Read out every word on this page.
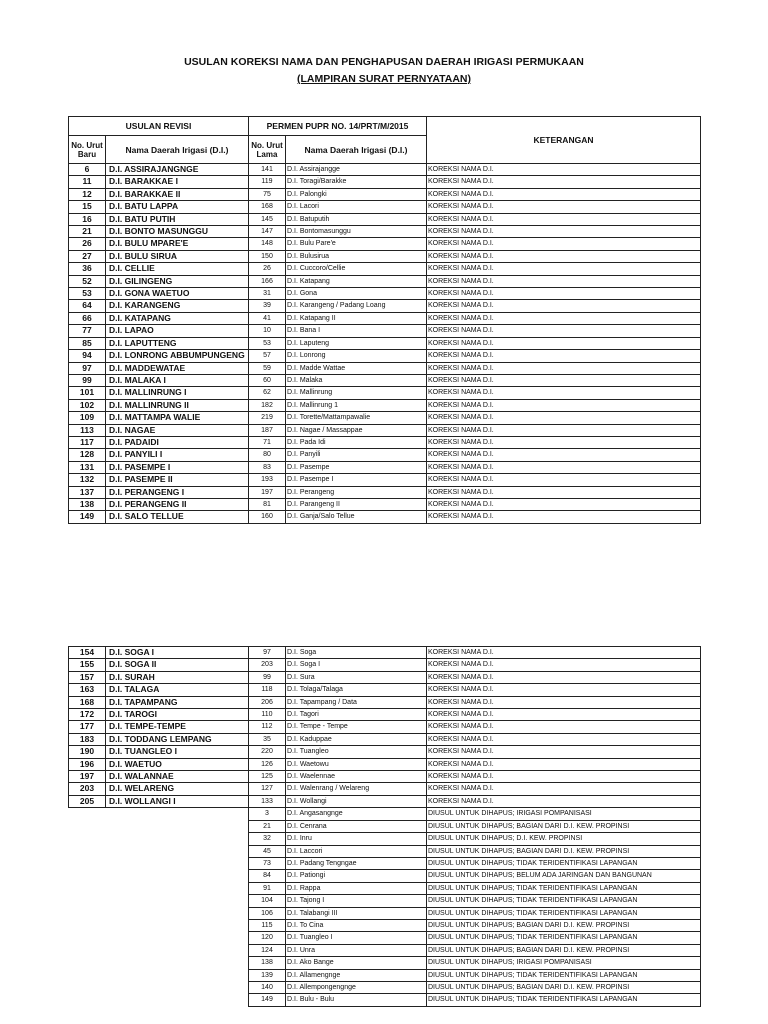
USULAN KOREKSI NAMA DAN PENGHAPUSAN DAERAH IRIGASI PERMUKAAN
(LAMPIRAN SURAT PERNYATAAN)
USULAN REVISI		PERMEN PUPR NO. 14/PRT/M/2015		KETERANGAN
No. Urut Baru	Nama Daerah Irigasi (D.I.)	No. Urut Lama	Nama Daerah Irigasi (D.I.)	
6	D.I. ASSIRAJANGNGE	141	D.I. Assirajangge	KOREKSI NAMA D.I.
11	D.I. BARAKKAE I	119	D.I. Toragi/Barakke	KOREKSI NAMA D.I.
12	D.I. BARAKKAE II	75	D.I. Palongki	KOREKSI NAMA D.I.
15	D.I. BATU LAPPA	168	D.I. Lacori	KOREKSI NAMA D.I.
16	D.I. BATU PUTIH	145	D.I. Batuputih	KOREKSI NAMA D.I.
21	D.I. BONTO MASUNGGU	147	D.I. Bontomasunggu	KOREKSI NAMA D.I.
26	D.I. BULU MPARE'E	148	D.I. Bulu Pare'e	KOREKSI NAMA D.I.
27	D.I. BULU SIRUA	150	D.I. Bulusirua	KOREKSI NAMA D.I.
36	D.I. CELLIE	26	D.I. Cuccoro/Cellie	KOREKSI NAMA D.I.
52	D.I. GILINGENG	166	D.I. Katapang	KOREKSI NAMA D.I.
53	D.I. GONA WAETUO	31	D.I. Gona	KOREKSI NAMA D.I.
64	D.I. KARANGENG	39	D.I. Karangeng / Padang Loang	KOREKSI NAMA D.I.
66	D.I. KATAPANG	41	D.I. Katapang II	KOREKSI NAMA D.I.
77	D.I. LAPAO	10	D.I. Bana I	KOREKSI NAMA D.I.
85	D.I. LAPUTTENG	53	D.I. Laputeng	KOREKSI NAMA D.I.
94	D.I. LONRONG ABBUMPUNGENG	57	D.I. Lonrong	KOREKSI NAMA D.I.
97	D.I. MADDEWATAE	59	D.I. Madde Wattae	KOREKSI NAMA D.I.
99	D.I. MALAKA I	60	D.I. Malaka	KOREKSI NAMA D.I.
101	D.I. MALLINRUNG I	62	D.I. Mallinrung	KOREKSI NAMA D.I.
102	D.I. MALLINRUNG II	182	D.I. Mallinrung 1	KOREKSI NAMA D.I.
109	D.I. MATTAMPA WALIE	219	D.I. Torette/Mattampawalie	KOREKSI NAMA D.I.
113	D.I. NAGAE	187	D.I. Nagae / Massappae	KOREKSI NAMA D.I.
117	D.I. PADAIDI	71	D.I. Pada Idi	KOREKSI NAMA D.I.
128	D.I. PANYILI I	80	D.I. Panyili	KOREKSI NAMA D.I.
131	D.I. PASEMPE I	83	D.I. Pasempe	KOREKSI NAMA D.I.
132	D.I. PASEMPE II	193	D.I. Pasempe I	KOREKSI NAMA D.I.
137	D.I. PERANGENG I	197	D.I. Perangeng	KOREKSI NAMA D.I.
138	D.I. PERANGENG II	81	D.I. Parangeng II	KOREKSI NAMA D.I.
149	D.I. SALO TELLUE	160	D.I. Ganja/Salo Tellue	KOREKSI NAMA D.I.
154	D.I. SOGA I	97	D.I. Soga	KOREKSI NAMA D.I.
155	D.I. SOGA II	203	D.I. Soga I	KOREKSI NAMA D.I.
157	D.I. SURAH	99	D.I. Sura	KOREKSI NAMA D.I.
163	D.I. TALAGA	118	D.I. Tolaga/Talaga	KOREKSI NAMA D.I.
168	D.I. TAPAMPANG	206	D.I. Tapampang / Data	KOREKSI NAMA D.I.
172	D.I. TAROGI	110	D.I. Tagori	KOREKSI NAMA D.I.
177	D.I. TEMPE-TEMPE	112	D.I. Tempe - Tempe	KOREKSI NAMA D.I.
183	D.I. TODDANG LEMPANG	35	D.I. Kaduppae	KOREKSI NAMA D.I.
190	D.I. TUANGLEO I	220	D.I. Tuangleo	KOREKSI NAMA D.I.
196	D.I. WAETUO	126	D.I. Waetowu	KOREKSI NAMA D.I.
197	D.I. WALANNAE	125	D.I. Waelennae	KOREKSI NAMA D.I.
203	D.I. WELARENG	127	D.I. Walenrang / Welareng	KOREKSI NAMA D.I.
205	D.I. WOLLANGI I	133	D.I. Wollangi	KOREKSI NAMA D.I.
		3	D.I. Angasangnge	DIUSUL UNTUK DIHAPUS; IRIGASI POMPANISASI
		21	D.I. Cenrana	DIUSUL UNTUK DIHAPUS; BAGIAN DARI D.I. KEW. PROPINSI
		32	D.I. Inru	DIUSUL UNTUK DIHAPUS; D.I. KEW. PROPINSI
		45	D.I. Laccori	DIUSUL UNTUK DIHAPUS; BAGIAN DARI D.I. KEW. PROPINSI
		73	D.I. Padang Tengngae	DIUSUL UNTUK DIHAPUS; TIDAK TERIDENTIFIKASI LAPANGAN
		84	D.I. Pationgi	DIUSUL UNTUK DIHAPUS; BELUM ADA JARINGAN DAN BANGUNAN
		91	D.I. Rappa	DIUSUL UNTUK DIHAPUS; TIDAK TERIDENTIFIKASI LAPANGAN
		104	D.I. Tajong I	DIUSUL UNTUK DIHAPUS; TIDAK TERIDENTIFIKASI LAPANGAN
		106	D.I. Talabangi III	DIUSUL UNTUK DIHAPUS; TIDAK TERIDENTIFIKASI LAPANGAN
		115	D.I. To Cina	DIUSUL UNTUK DIHAPUS; BAGIAN DARI D.I. KEW. PROPINSI
		120	D.I. Tuangleo I	DIUSUL UNTUK DIHAPUS; TIDAK TERIDENTIFIKASI LAPANGAN
		124	D.I. Unra	DIUSUL UNTUK DIHAPUS; BAGIAN DARI D.I. KEW. PROPINSI
		138	D.I. Ako Bange	DIUSUL UNTUK DIHAPUS; IRIGASI POMPANISASI
		139	D.I. Allamengnge	DIUSUL UNTUK DIHAPUS; TIDAK TERIDENTIFIKASI LAPANGAN
		140	D.I. Allempongengnge	DIUSUL UNTUK DIHAPUS; BAGIAN DARI D.I. KEW. PROPINSI
		149	D.I. Bulu - Bulu	DIUSUL UNTUK DIHAPUS; TIDAK TERIDENTIFIKASI LAPANGAN
